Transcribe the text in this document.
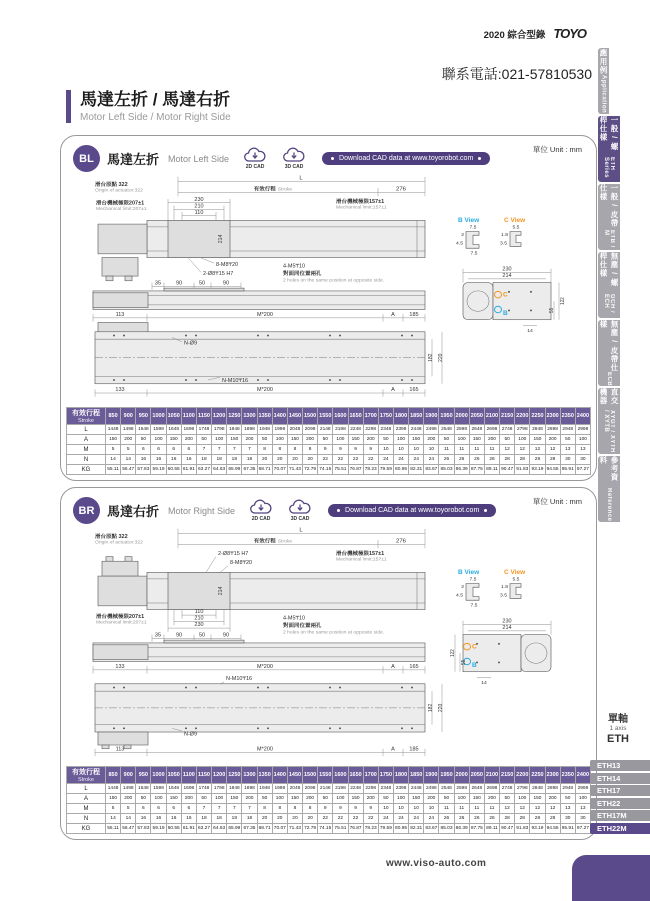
2020 綜合型錄 TOYO
聯系電話:021-57810530
馬達左折 / 馬達右折
Motor Left Side / Motor Right Side
應用例
Application
一般 / 螺桿仕樣
ETH Series
一般 / 皮帶仕樣
ETB / M
無塵 / 螺桿仕樣
GCH / ECH
無塵 / 皮帶仕樣
ECB
直交機器
XYGT / XYTH / XYTB
參考資料
Reference
BL	馬達左折 Motor Left Side
2D CAD	3D CAD
Download CAD data at www.toyorobot.com
單位 Unit : mm
L
有效行程 Stroke	276
滑台原點 322
Origin of actuator:322
230
210
110
滑台機械極限207±1
Mechanical limit:207±1
滑台機械極限157±1
Mechanical limit:157±1
214
8-M8₸20
2-Ø8₸15 H7
4-M5₸10
對面同位置兩孔
2 holes on the same position at opposite side.
35	90	50	90
113	M*200	A	185
N-Ø9
N-M10₸16
182 220
133	M*200	A	165
B View	C View
7.5
2
4.5
7.5
5.5
1.8
3.5
230
214
C
B
122
55
14
有效行程
Stroke	850	900	950	1000	1050	1100	1150	1200	1250	1300	1350	1400	1450	1500	1550	1600	1650	1700	1750	1800	1850	1900	1950	2000	2050	2100	2150	2200	2250	2300	2350	2400
L	1448	1498	1548	1598	1648	1698	1748	1798	1848	1898	1948	1998	2048	2098	2148	2198	2248	2298	2348	2398	2448	2498	2548	2598	2648	2698	2748	2798	2848	2898	2948	2998
A	150	200	50	100	150	200	50	100	150	200	50	100	150	200	50	100	150	200	50	100	150	200	50	100	150	200	50	100	150	200	50	100
M	5	5	6	6	6	6	7	7	7	7	8	8	8	8	9	9	9	9	10	10	10	10	11	11	11	11	12	12	12	12	13	13
N	14	14	16	16	16	16	18	18	18	18	20	20	20	20	22	22	22	22	24	24	24	24	26	26	26	26	28	28	28	28	30	30
KG	55.11	56.47	57.83	59.19	60.55	61.91	63.27	64.63	65.99	67.35	68.71	70.07	71.43	72.79	74.15	75.51	76.87	78.23	79.59	80.95	82.31	83.67	85.03	86.39	87.75	89.11	90.47	91.83	93.19	94.55	95.91	97.27
BR 馬達右折 Motor Right Side
2D CAD	3D CAD
Download CAD data at www.toyorobot.com
單位 Unit : mm
L
有效行程 Stroke	276
滑台原點 322
Origin of actuator:322
2-Ø8₸15 H7
8-M8₸20
滑台機械極限157±1
Mechanical limit:157±1
214
110
210
230
滑台機械極限207±1
Mechanical limit:207±1
4-M5₸10
對面同位置兩孔
2 holes on the same position at opposite side.
35	90	50	90
133	M*200	A	165
N-M10₸16
N-Ø9
182 220
113	M*200	A	185
B View	C View
7.5
2
4.5
7.5
5.5
1.8
3.5
230
214
C
B
122
55
14
有效行程
Stroke	850	900	950	1000	1050	1100	1150	1200	1250	1300	1350	1400	1450	1500	1550	1600	1650	1700	1750	1800	1850	1900	1950	2000	2050	2100	2150	2200	2250	2300	2350	2400
L	1448	1498	1548	1598	1648	1698	1748	1798	1848	1898	1948	1998	2048	2098	2148	2198	2248	2298	2348	2398	2448	2498	2548	2598	2648	2698	2748	2798	2848	2898	2948	2998
A	150	200	50	100	150	200	50	100	150	200	50	100	150	200	50	100	150	200	50	100	150	200	50	100	150	200	50	100	150	200	50	100
M	5	5	6	6	6	6	7	7	7	7	8	8	8	8	9	9	9	9	10	10	10	10	11	11	11	11	12	12	12	12	13	13
N	14	14	16	16	16	16	18	18	18	18	20	20	20	20	22	22	22	22	24	24	24	24	26	26	26	26	28	28	28	28	30	30
KG	55.11	56.47	57.83	59.19	60.55	61.91	63.27	64.63	65.99	67.35	68.71	70.07	71.43	72.79	74.15	75.51	76.87	78.23	79.59	80.95	82.31	83.67	85.03	86.39	87.75	89.11	90.47	91.83	93.19	94.55	95.91	97.27
單軸
1 axis
ETH
ETH13
ETH14
ETH17
ETH22
ETH17M
ETH22M
www.viso-auto.com
